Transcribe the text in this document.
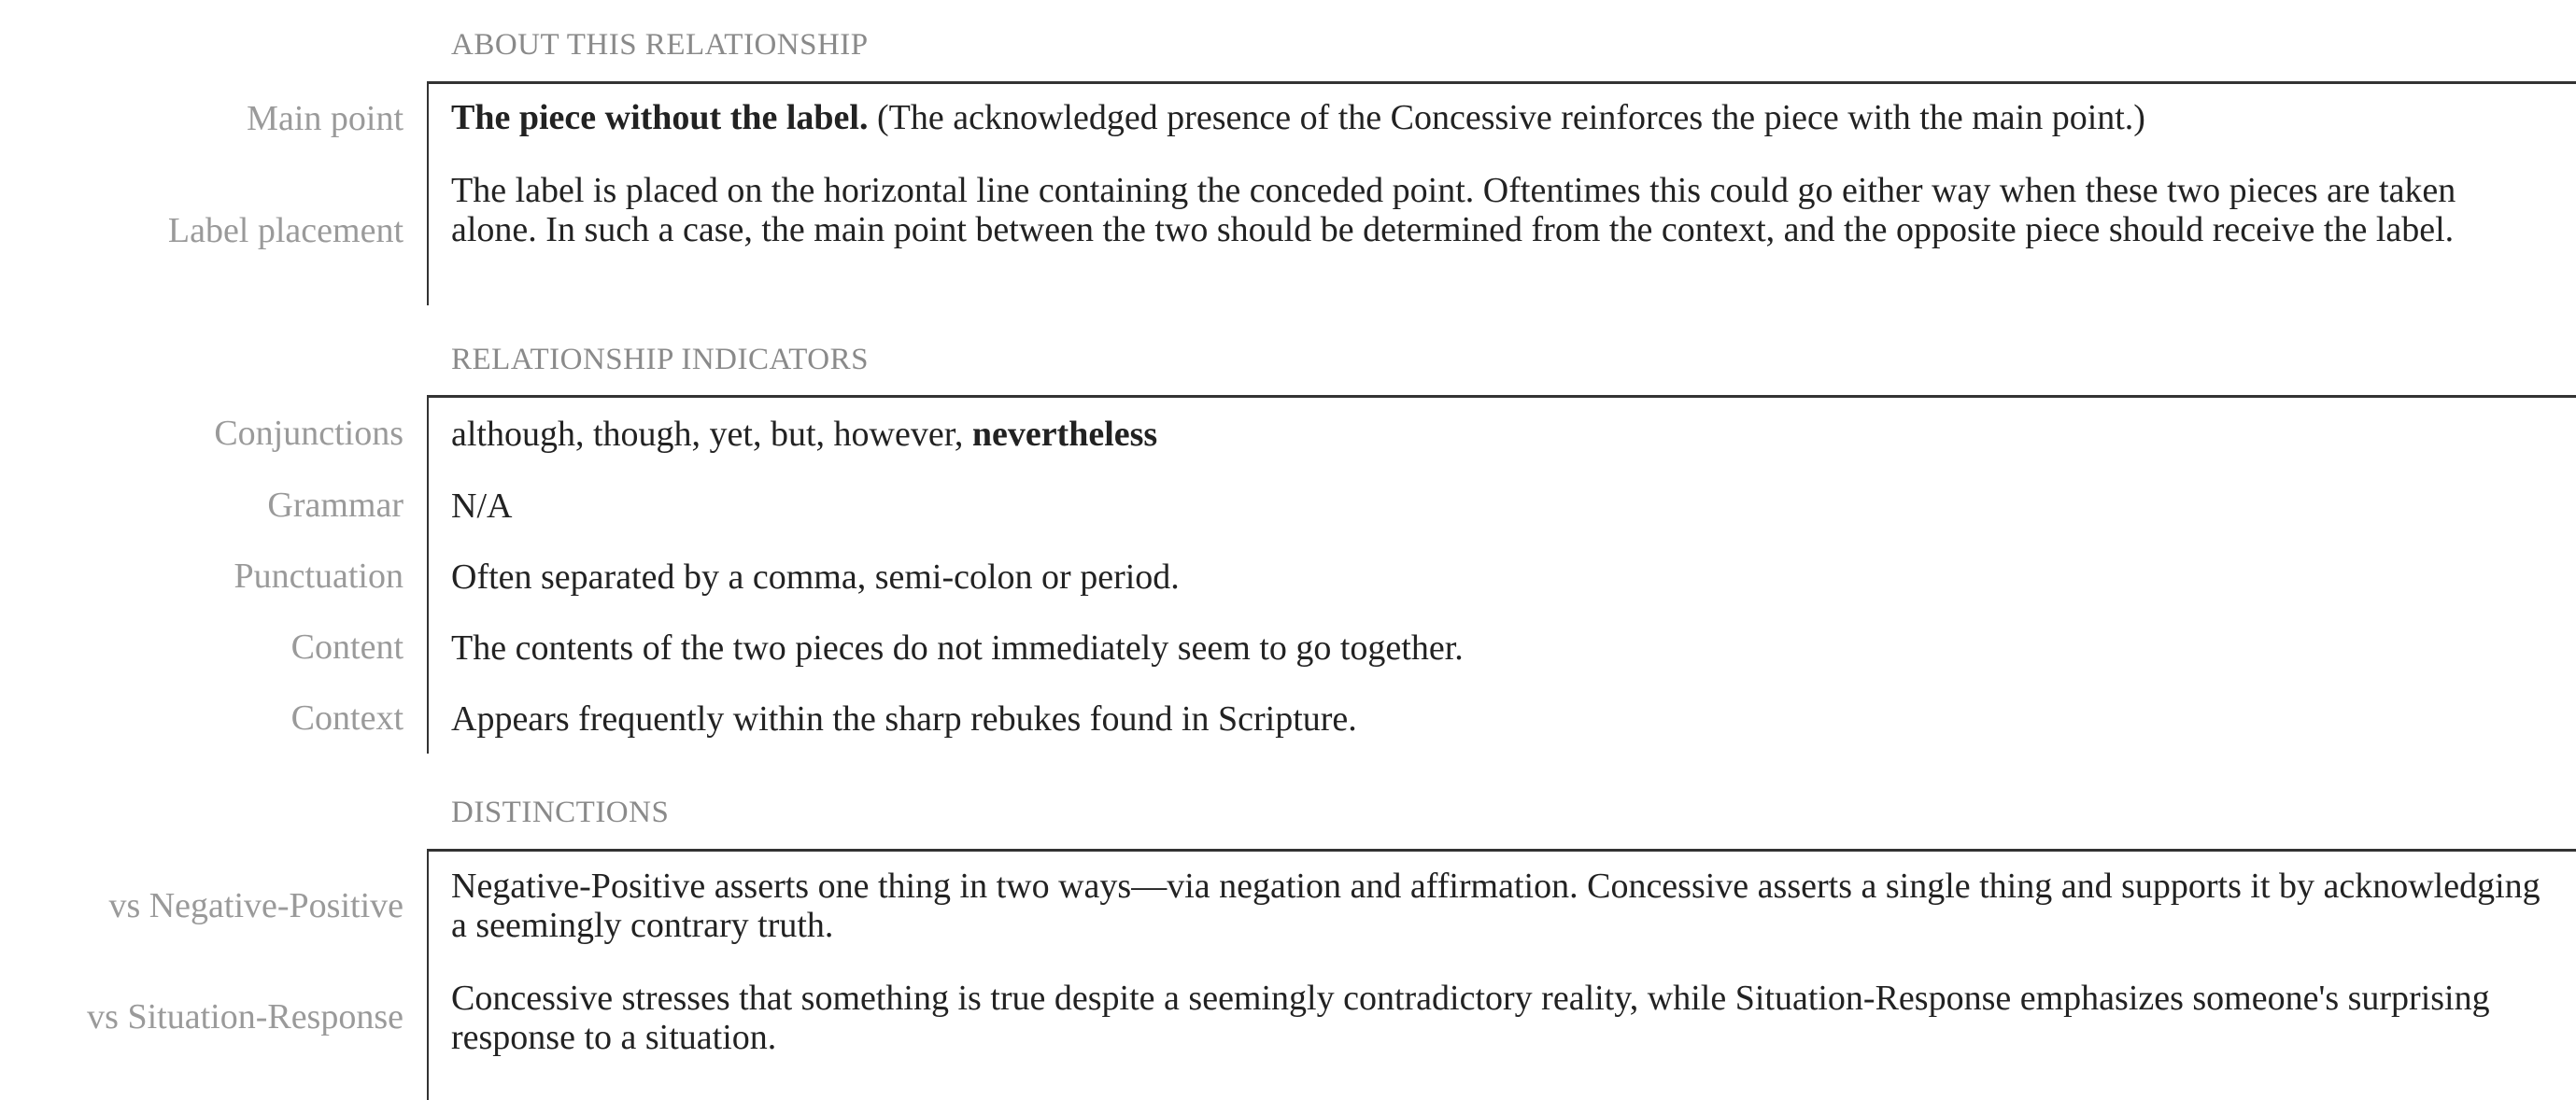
ABOUT THIS RELATIONSHIP
Main point The piece without the label. (The acknowledged presence of the Concessive reinforces the piece with the main point.)
Label placement
The label is placed on the horizontal line containing the conceded point. Oftentimes this could go either way when these two pieces are taken alone. In such a case, the main point between the two should be determined from the context, and the opposite piece should receive the label.
RELATIONSHIP INDICATORS
Conjunctions although, though, yet, but, however, nevertheless
Grammar N/A
Punctuation Often separated by a comma, semi-colon or period.
Content The contents of the two pieces do not immediately seem to go together.
Context Appears frequently within the sharp rebukes found in Scripture.
DISTINCTIONS
vs Negative-Positive Negative-Positive asserts one thing in two ways—via negation and affirmation. Concessive asserts a single thing and supports it by acknowledging a seemingly contrary truth.
vs Situation-Response Concessive stresses that something is true despite a seemingly contradictory reality, while Situation-Response emphasizes someone's surprising response to a situation.
